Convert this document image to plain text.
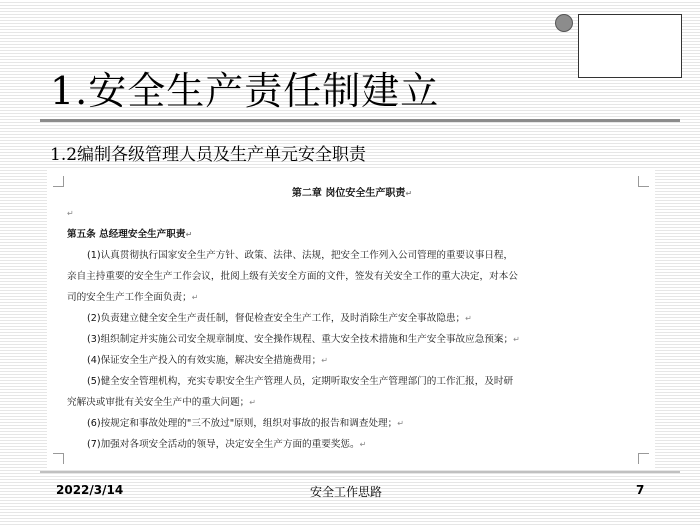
1.安全生产责任制建立
1.2编制各级管理人员及生产单元安全职责
第二章 岗位安全生产职责↵
↵
第五条 总经理安全生产职责↵
(1)认真贯彻执行国家安全生产方针、政策、法律、法规，把安全工作列入公司管理的重要议事日程，
亲自主持重要的安全生产工作会议，批阅上级有关安全方面的文件，签发有关安全工作的重大决定，对本公
司的安全生产工作全面负责；↵
(2)负责建立健全安全生产责任制，督促检查安全生产工作，及时消除生产安全事故隐患；↵
(3)组织制定并实施公司安全规章制度、安全操作规程、重大安全技术措施和生产安全事故应急预案；↵
(4)保证安全生产投入的有效实施，解决安全措施费用；↵
(5)健全安全管理机构，充实专职安全生产管理人员，定期听取安全生产管理部门的工作汇报，及时研
究解决或审批有关安全生产中的重大问题；↵
(6)按规定和事故处理的"三不放过"原则，组织对事故的报告和调查处理；↵
(7)加强对各项安全活动的领导，决定安全生产方面的重要奖惩。↵
2022/3/14	安全工作思路	7
